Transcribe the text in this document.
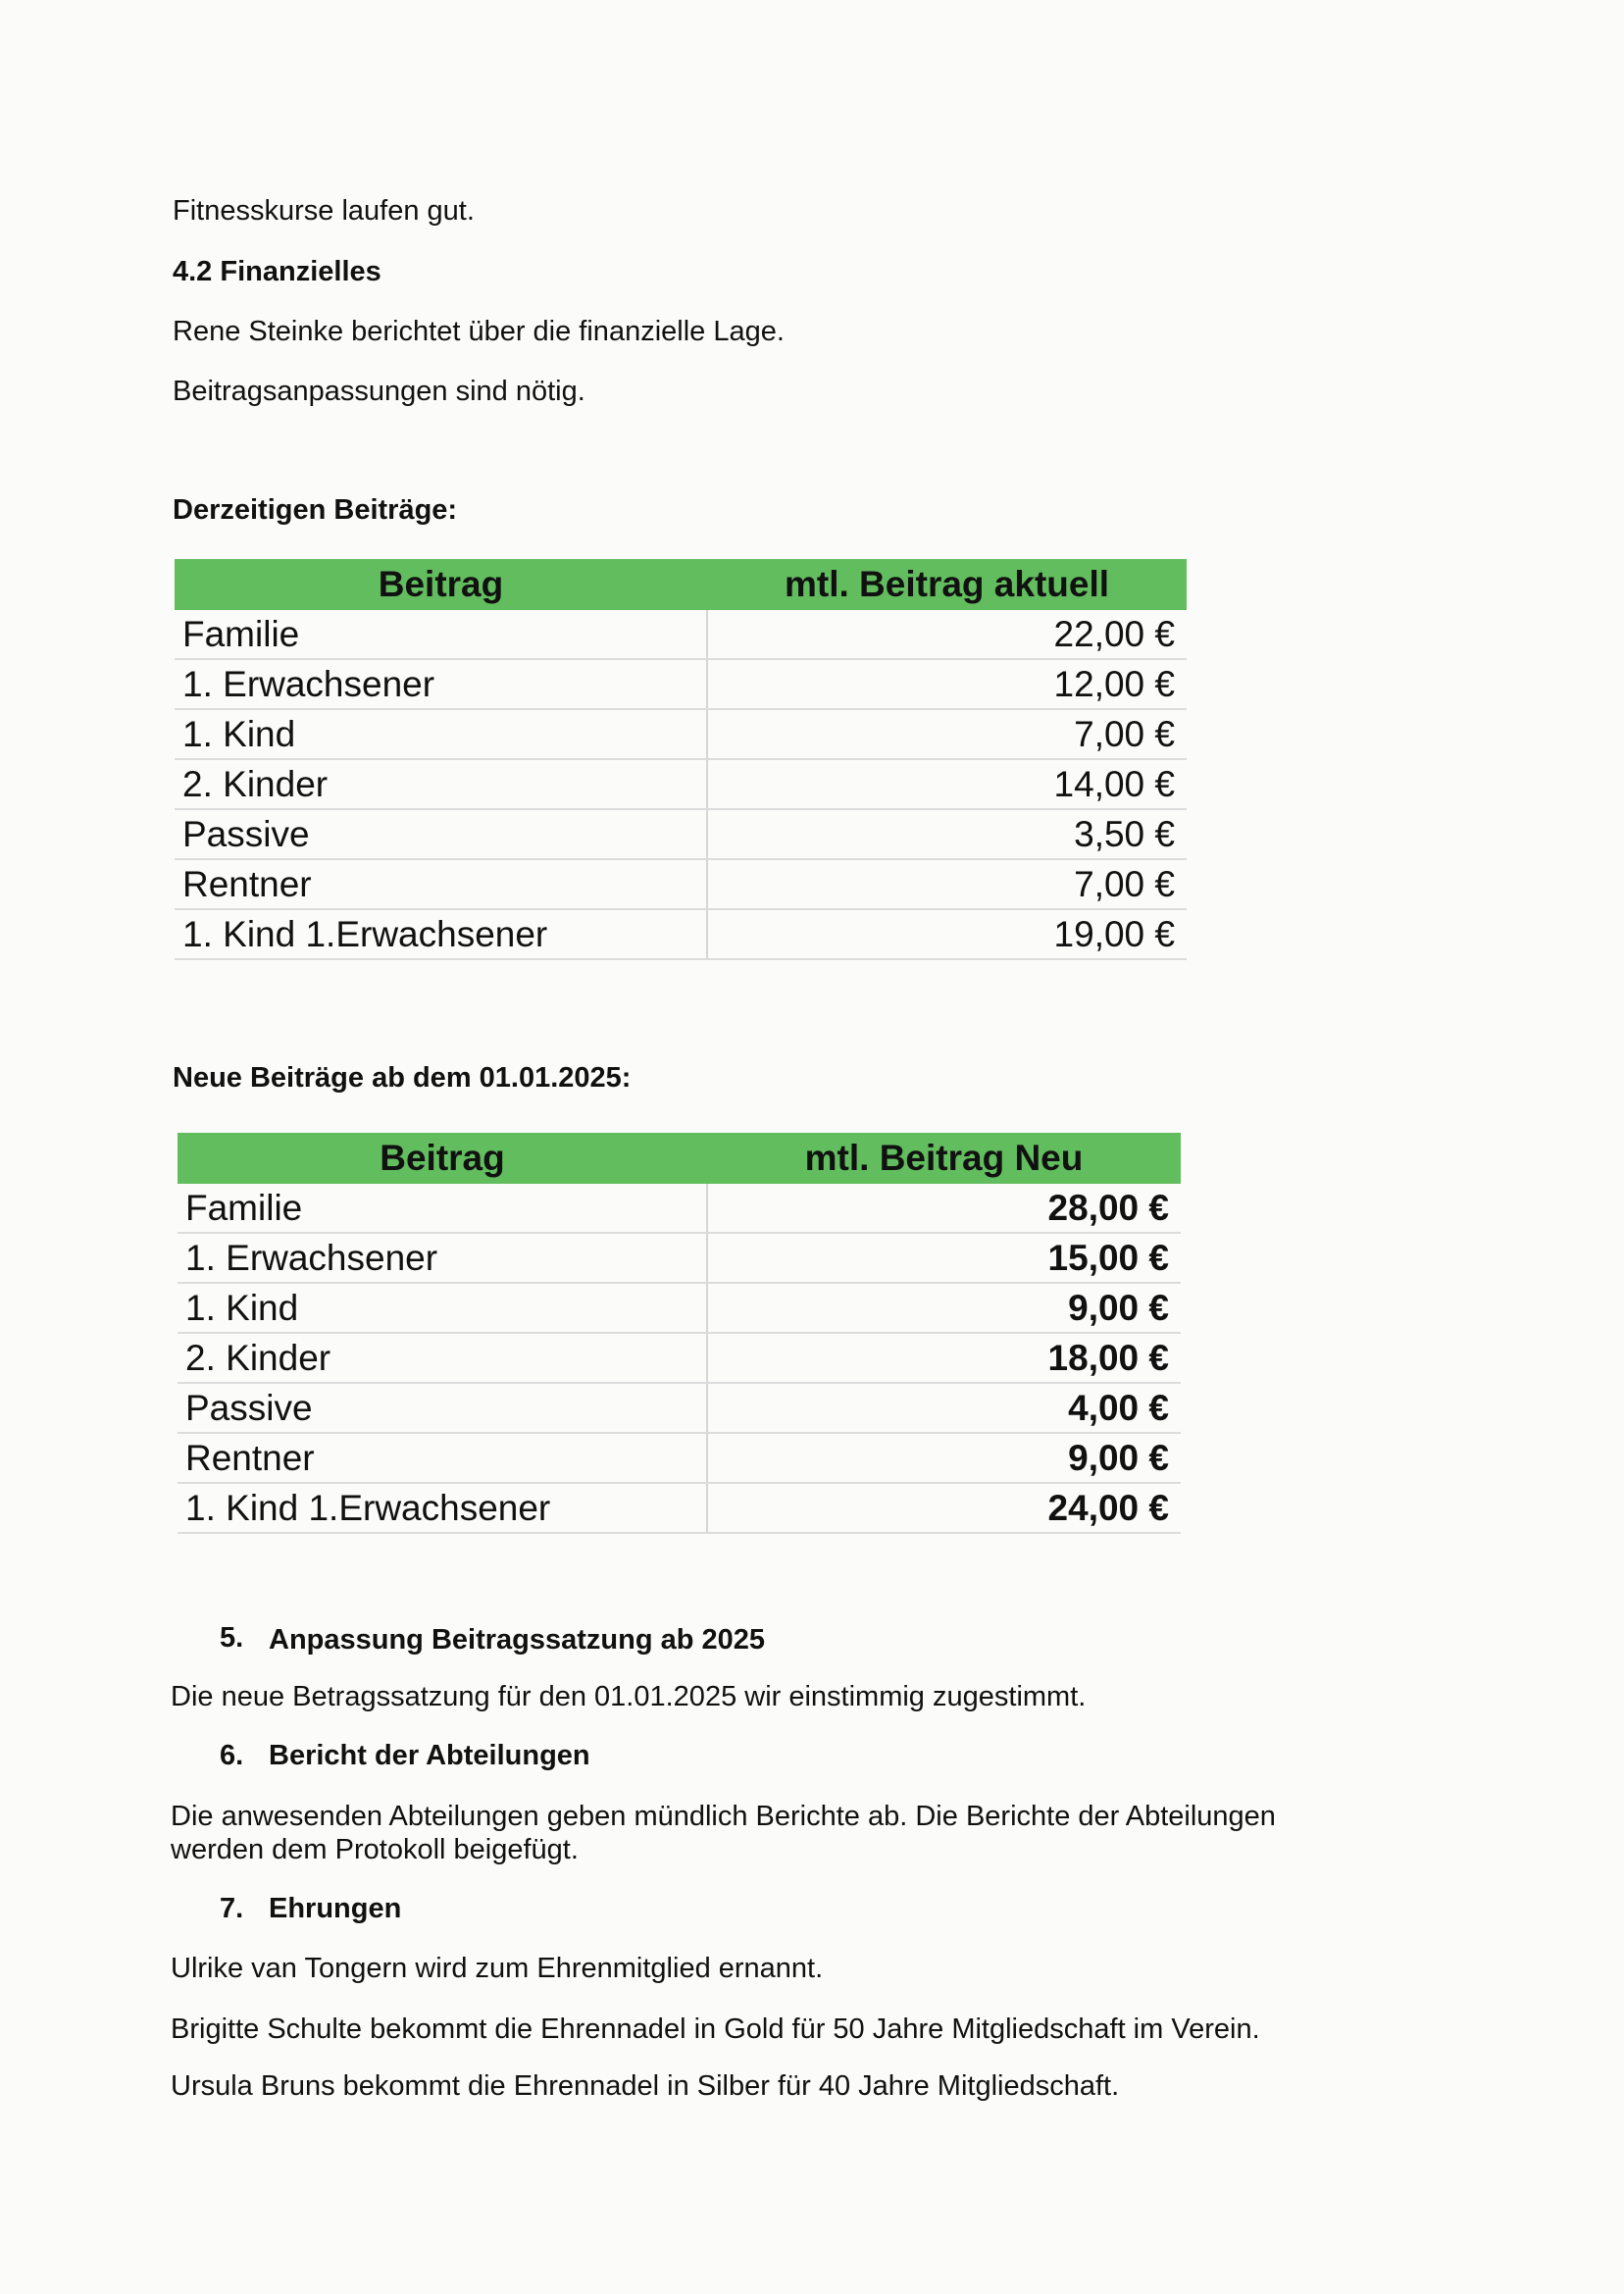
Fitnesskurse laufen gut.
4.2 Finanzielles
Rene Steinke berichtet über die finanzielle Lage.
Beitragsanpassungen sind nötig.
Derzeitigen Beiträge:
Beitrag	mtl. Beitrag aktuell
Familie	22,00 €
1. Erwachsener	12,00 €
1. Kind	7,00 €
2. Kinder	14,00 €
Passive	3,50 €
Rentner	7,00 €
1. Kind 1.Erwachsener	19,00 €
Neue Beiträge ab dem 01.01.2025:
Beitrag	mtl. Beitrag Neu
Familie	28,00 €
1. Erwachsener	15,00 €
1. Kind	9,00 €
2. Kinder	18,00 €
Passive	4,00 €
Rentner	9,00 €
1. Kind 1.Erwachsener	24,00 €
5. Anpassung Beitragssatzung ab 2025
Die neue Betragssatzung für den 01.01.2025 wir einstimmig zugestimmt.
6. Bericht der Abteilungen
Die anwesenden Abteilungen geben mündlich Berichte ab. Die Berichte der Abteilungen
werden dem Protokoll beigefügt.
7. Ehrungen
Ulrike van Tongern wird zum Ehrenmitglied ernannt.
Brigitte Schulte bekommt die Ehrennadel in Gold für 50 Jahre Mitgliedschaft im Verein.
Ursula Bruns bekommt die Ehrennadel in Silber für 40 Jahre Mitgliedschaft.
